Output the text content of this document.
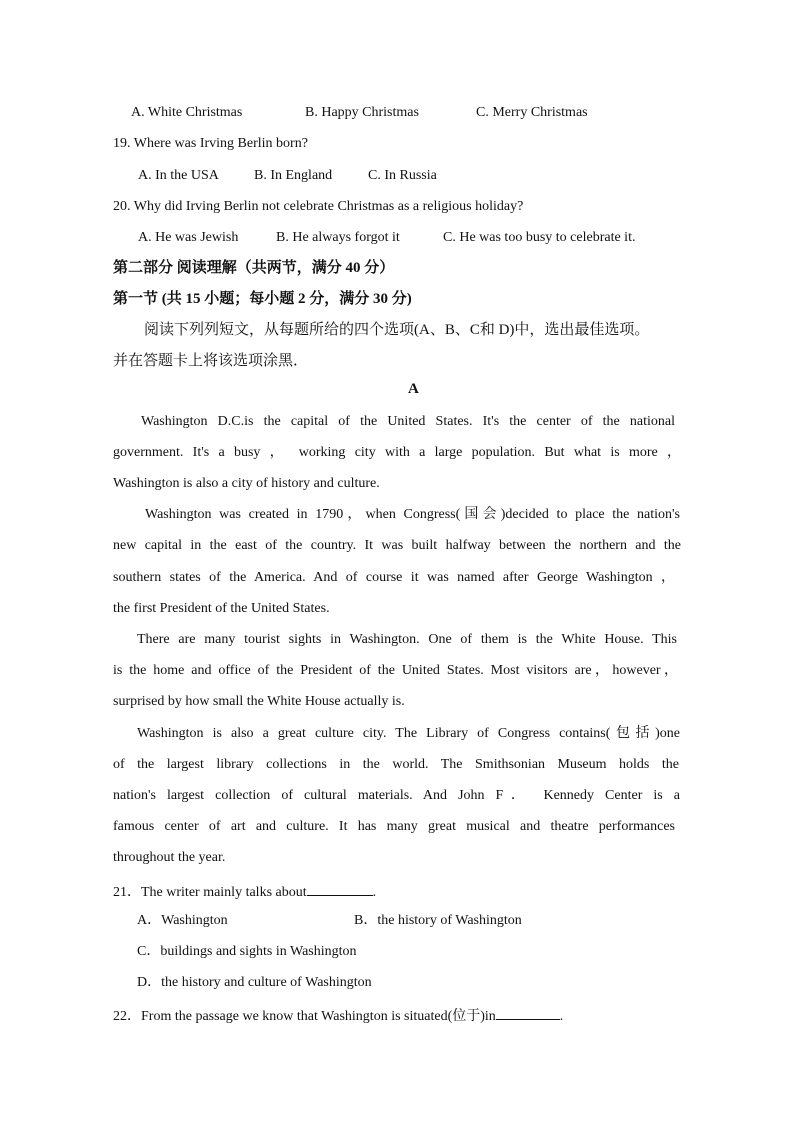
A. White Christmas	B. Happy Christmas	C. Merry Christmas
19. Where was Irving Berlin born?
A. In the USA	B. In England	C. In Russia
20. Why did Irving Berlin not celebrate Christmas as a religious holiday?
A. He was Jewish	B. He always forgot it	C. He was too busy to celebrate it.
第二部分 阅读理解（共两节，满分 40 分）
第一节 (共 15 小题；每小题 2 分，满分 30 分)
阅读下列列短文，从每题所给的四个选项(A、B、C和 D)中，选出最佳选项。
并在答题卡上将该选项涂黑．
A
Washington D.C.is the capital of the United States. It's the center of the national
government. It's a busy ， working city with a large population. But what is more ，
Washington is also a city of history and culture.
Washington was created in 1790，when Congress(国会)decided to place the nation's
new capital in the east of the country. It was built halfway between the northern and the
southern states of the America. And of course it was named after George Washington ，
the first President of the United States.
There are many tourist sights in Washington. One of them is the White House. This
is the home and office of the President of the United States. Most visitors are，however，
surprised by how small the White House actually is.
Washington is also a great culture city. The Library of Congress contains(包括)one
of the largest library collections in the world. The Smithsonian Museum holds the
nation's largest collection of cultural materials. And John F． Kennedy Center is a
famous center of art and culture. It has many great musical and theatre performances
throughout the year.
21．The writer mainly talks about	.
A．Washington	B．the history of Washington
C．buildings and sights in Washington
D．the history and culture of Washington
22．From the passage we know that Washington is situated(位于)in	.
